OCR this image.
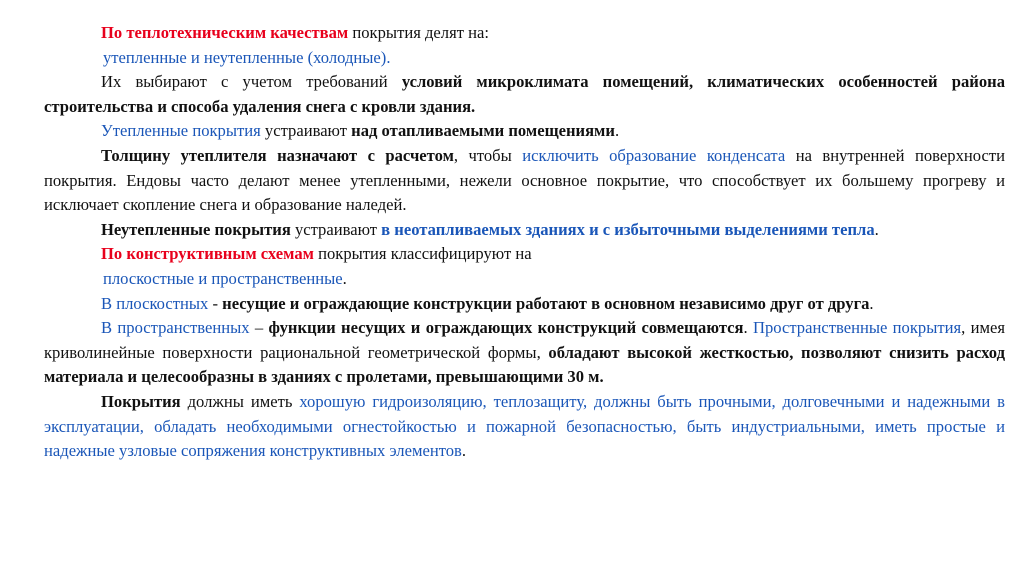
По теплотехническим качествам покрытия делят на:

утепленные и неутепленные (холодные).

Их выбирают с учетом требований условий микроклимата помещений, климатических особенностей района строительства и способа удаления снега с кровли здания.

Утепленные покрытия устраивают над отапливаемыми помещениями.

Толщину утеплителя назначают с расчетом, чтобы исключить образование конденсата на внутренней поверхности покрытия. Ендовы часто делают менее утепленными, нежели основное покрытие, что способствует их большему прогреву и исключает скопление снега и образование наледей.

Неутепленные покрытия устраивают в неотапливаемых зданиях и с избыточными выделениями тепла.

По конструктивным схемам покрытия классифицируют на

плоскостные и пространственные.

В плоскостных - несущие и ограждающие конструкции работают в основном независимо друг от друга.

В пространственных – функции несущих и ограждающих конструкций совмещаются. Пространственные покрытия, имея криволинейные поверхности рациональной геометрической формы, обладают высокой жесткостью, позволяют снизить расход материала и целесообразны в зданиях с пролетами, превышающими 30 м.

Покрытия должны иметь хорошую гидроизоляцию, теплозащиту, должны быть прочными, долговечными и надежными в эксплуатации, обладать необходимыми огнестойкостью и пожарной безопасностью, быть индустриальными, иметь простые и надежные узловые сопряжения конструктивных элементов.
